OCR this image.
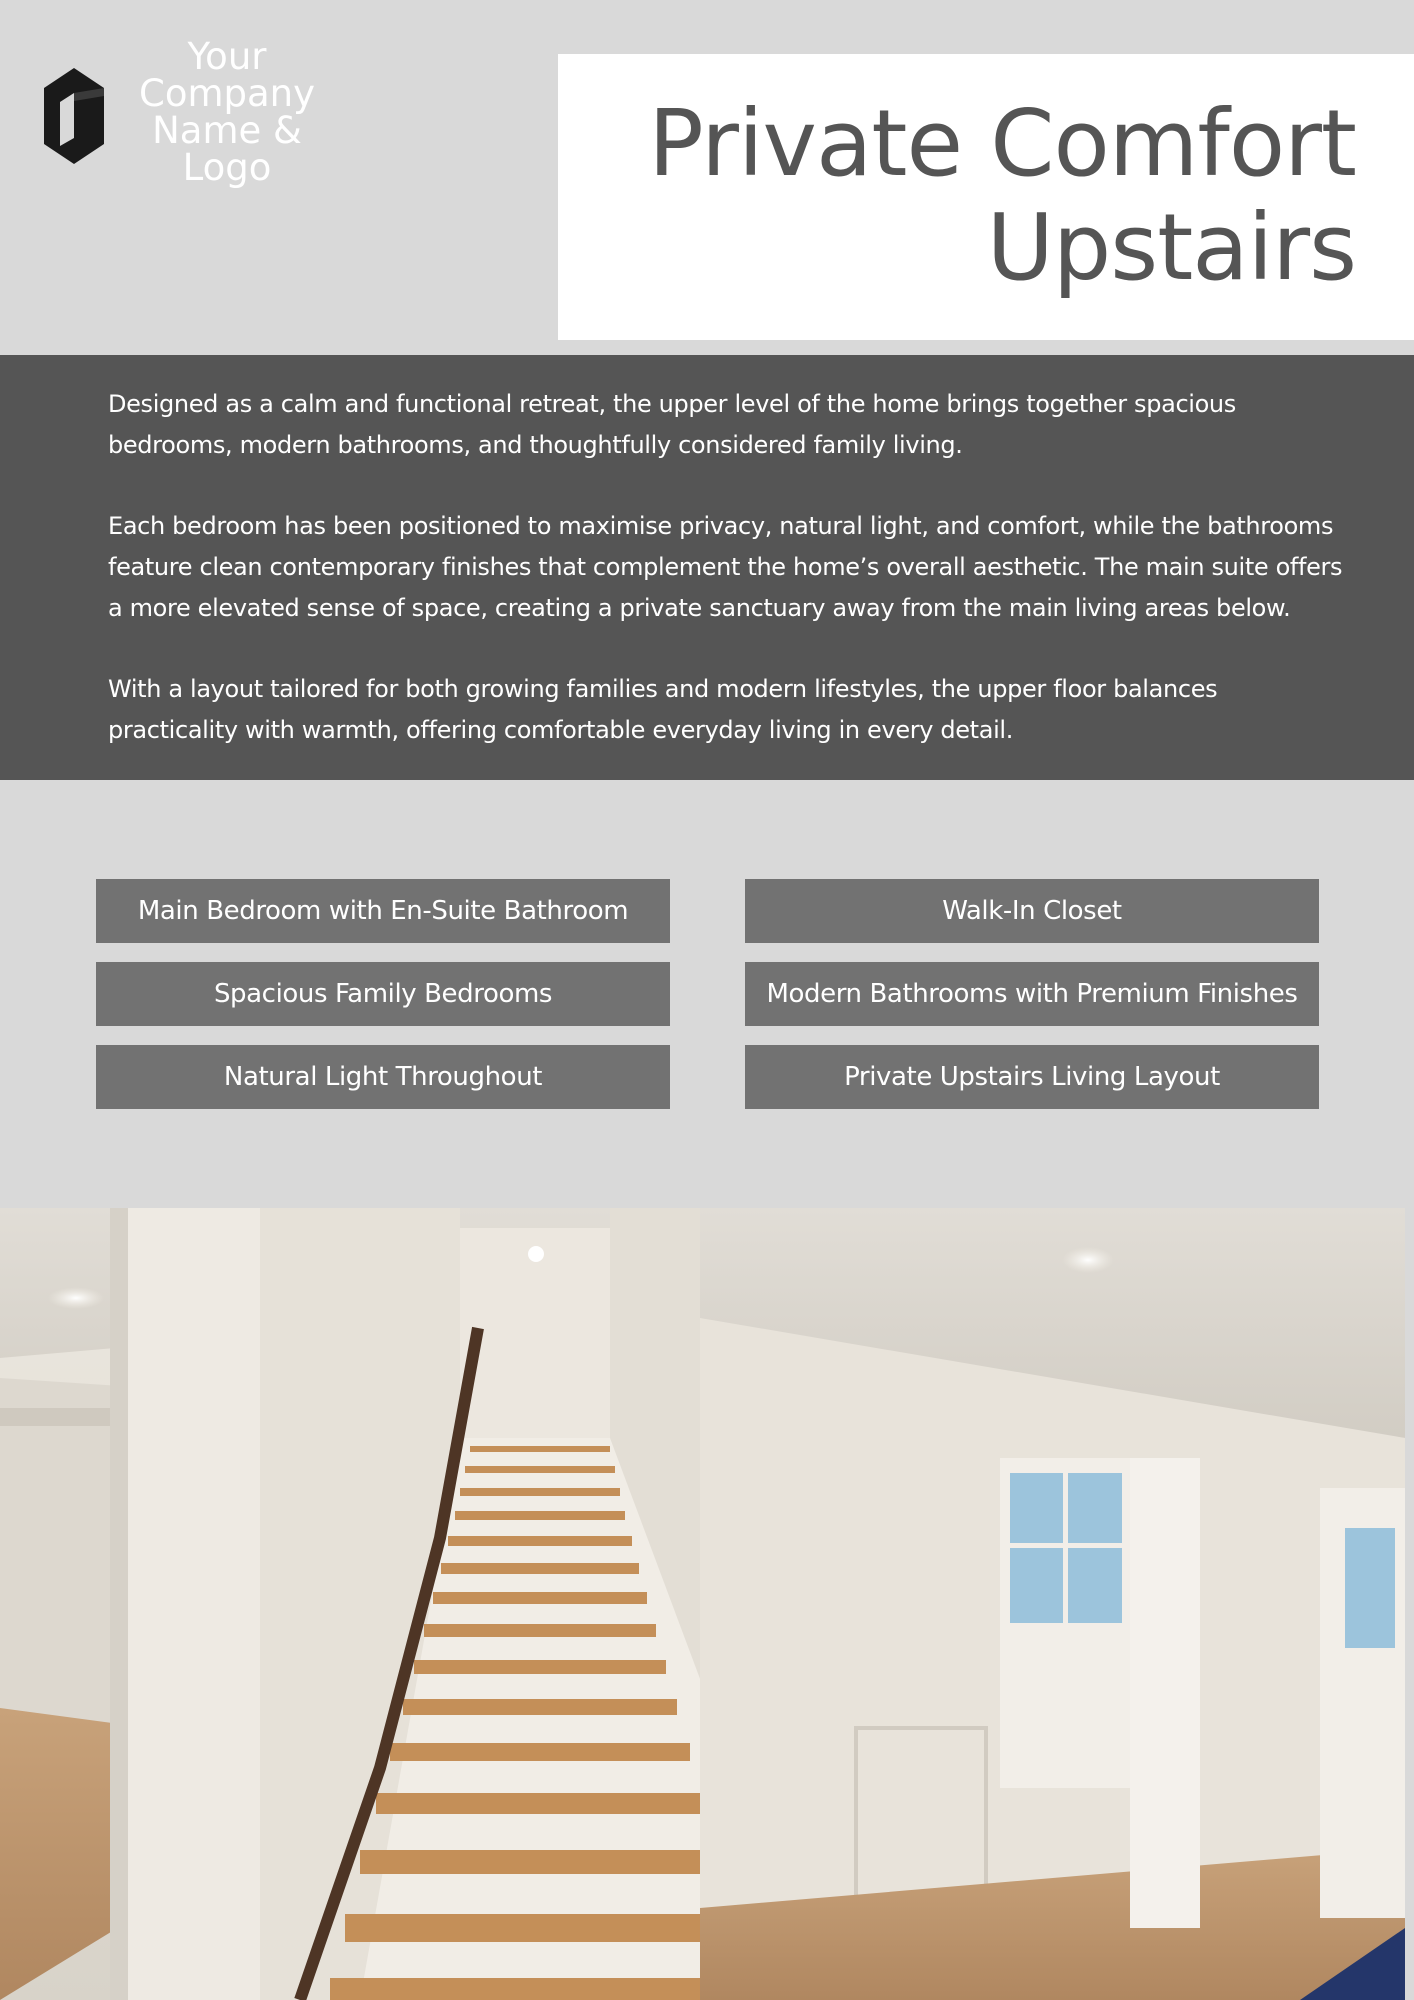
Your
Company
Name &
Logo	Private Comfort
Upstairs

Designed as a calm and functional retreat, the upper level of the home brings together spacious bedrooms, modern bathrooms, and thoughtfully considered family living.

Each bedroom has been positioned to maximise privacy, natural light, and comfort, while the bathrooms feature clean contemporary finishes that complement the home’s overall aesthetic. The main suite offers a more elevated sense of space, creating a private sanctuary away from the main living areas below.

With a layout tailored for both growing families and modern lifestyles, the upper floor balances practicality with warmth, offering comfortable everyday living in every detail.

Main Bedroom with En-Suite Bathroom	Walk-In Closet
Spacious Family Bedrooms	Modern Bathrooms with Premium Finishes
Natural Light Throughout	Private Upstairs Living Layout
